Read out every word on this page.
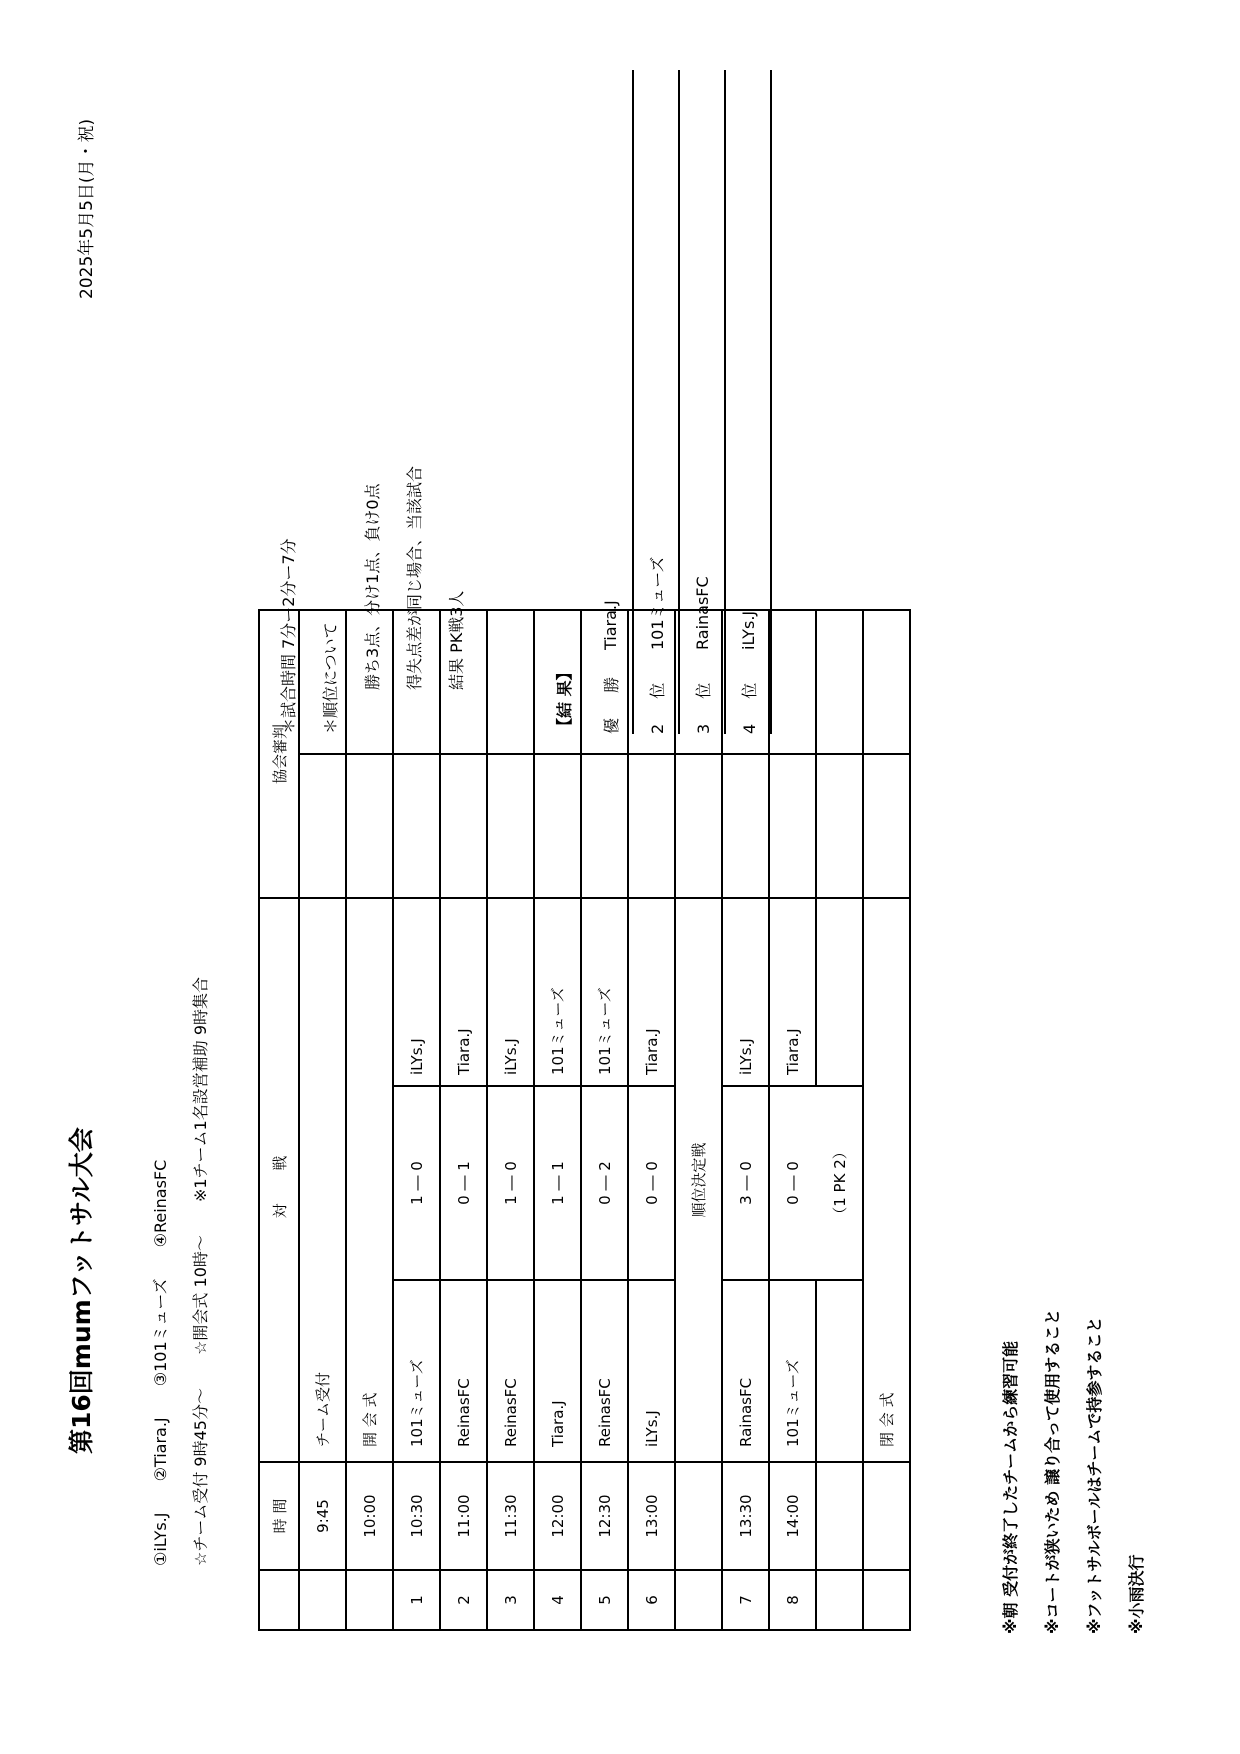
第16回mumフットサル大会
2025年5月5日(月・祝)
①iLYs.J ②Tiara.J ③101ミューズ ④ReinasFC
☆チーム受付 9時45分～ ☆開会式 10時～ ※1チーム1名設営補助 9時集合
	時 間	対 戦			協会審判	
	9:45	チーム受付				
	10:00	開 会 式				
1	10:30	101ミューズ	1 ― 0	iLYs.J		
2	11:00	ReinasFC	0 ― 1	Tiara.J		
3	11:30	ReinasFC	1 ― 0	iLYs.J		
4	12:00	Tiara.J	1 ― 1	101ミューズ		
5	12:30	ReinasFC	0 ― 2	101ミューズ		
6	13:00	iLYs.J	0 ― 0	Tiara.J		
		順位決定戦				
7	13:30	RainasFC	3 ― 0	iLYs.J		
8	14:00	101ミューズ	0 ― 0	Tiara.J		
			（1 PK 2）			
		閉 会 式				
＊試合時間 7分ー2分ー7分	＊順位について	勝ち3点、分け1点、負け0点	得失点差が同じ場合、当該試合	結果 PK戦3人
【結 果】 優 勝	Tiara.J
2 位	101ミューズ
3 位	RainasFC
4 位	iLYs.J
※朝 受付が終了したチームから練習可能	※コートが狭いため 譲り合って使用すること	※フットサルボールはチームで持参すること	※小雨決行
